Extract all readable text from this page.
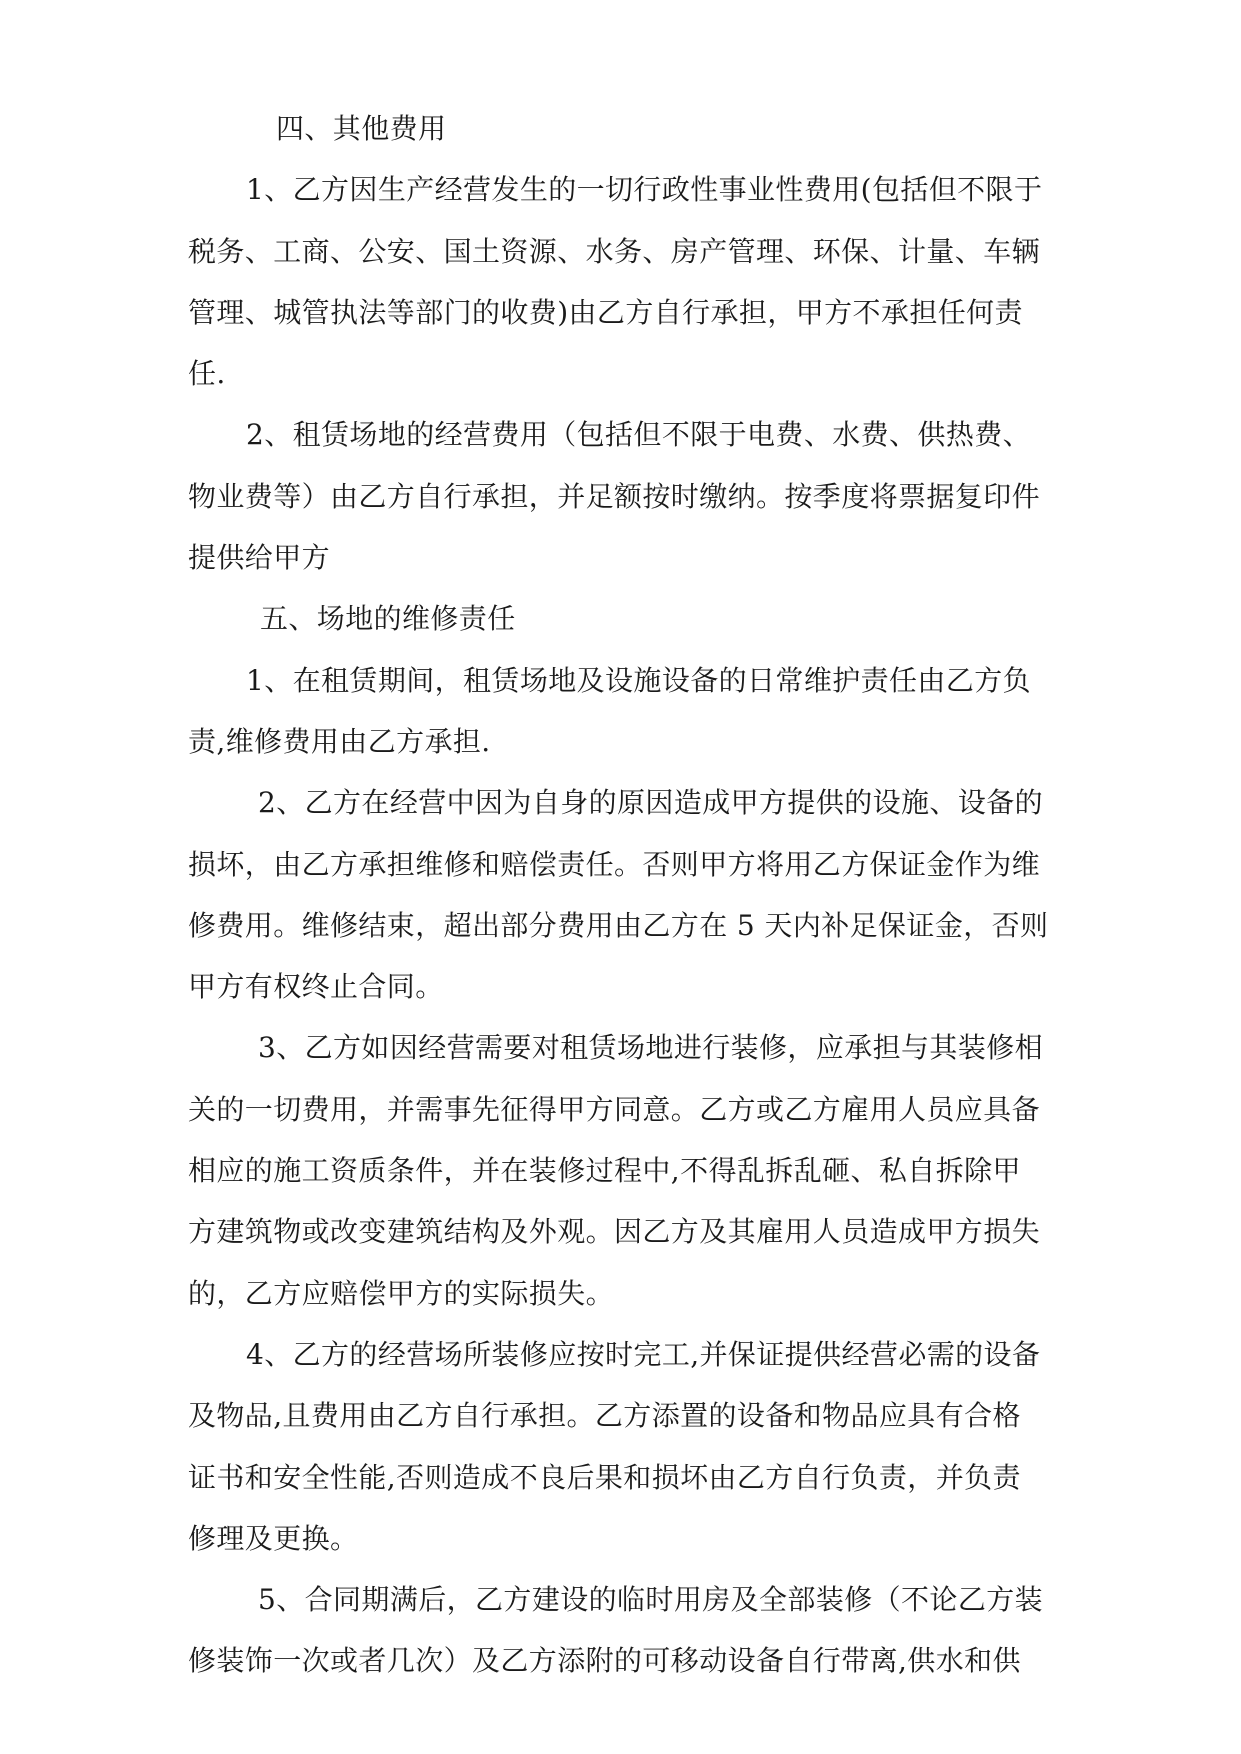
四、其他费用
1、乙方因生产经营发生的一切行政性事业性费用(包括但不限于
税务、工商、公安、国土资源、水务、房产管理、环保、计量、车辆
管理、城管执法等部门的收费)由乙方自行承担，甲方不承担任何责
任.
2、租赁场地的经营费用（包括但不限于电费、水费、供热费、
物业费等）由乙方自行承担，并足额按时缴纳。按季度将票据复印件
提供给甲方
五、场地的维修责任
1、在租赁期间，租赁场地及设施设备的日常维护责任由乙方负
责,维修费用由乙方承担.
2、乙方在经营中因为自身的原因造成甲方提供的设施、设备的
损坏，由乙方承担维修和赔偿责任。否则甲方将用乙方保证金作为维
修费用。维修结束，超出部分费用由乙方在 5 天内补足保证金，否则
甲方有权终止合同。
3、乙方如因经营需要对租赁场地进行装修，应承担与其装修相
关的一切费用，并需事先征得甲方同意。乙方或乙方雇用人员应具备
相应的施工资质条件，并在装修过程中,不得乱拆乱砸、私自拆除甲
方建筑物或改变建筑结构及外观。因乙方及其雇用人员造成甲方损失
的，乙方应赔偿甲方的实际损失。
4、乙方的经营场所装修应按时完工,并保证提供经营必需的设备
及物品,且费用由乙方自行承担。乙方添置的设备和物品应具有合格
证书和安全性能,否则造成不良后果和损坏由乙方自行负责，并负责
修理及更换。
5、合同期满后，乙方建设的临时用房及全部装修（不论乙方装
修装饰一次或者几次）及乙方添附的可移动设备自行带离,供水和供
